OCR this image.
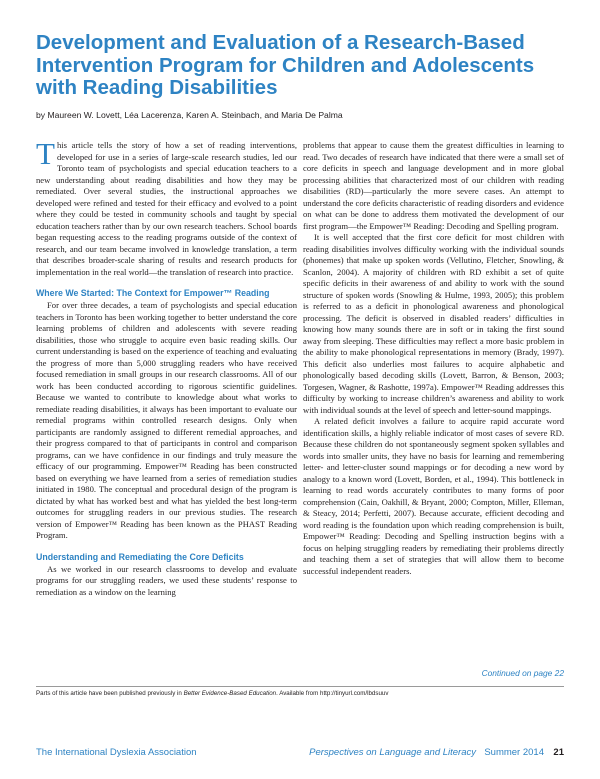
Development and Evaluation of a Research-Based Intervention Program for Children and Adolescents with Reading Disabilities
by Maureen W. Lovett, Léa Lacerenza, Karen A. Steinbach, and Maria De Palma

This article tells the story of how a set of reading interventions, developed for use in a series of large-scale research studies, led our Toronto team of psychologists and special education teachers to a new understanding about reading disabilities and how they may be remediated. Over several studies, the instructional approaches we developed were refined and tested for their efficacy and evolved to a point where they could be tested in community schools and taught by special education teachers rather than by our own research teachers. School boards began requesting access to the reading programs outside of the context of research, and our team became involved in knowledge translation, a term that describes broader-scale sharing of results and research products for implementation in the real world—the translation of research into practice.

Where We Started: The Context for Empower™ Reading

For over three decades, a team of psychologists and special education teachers in Toronto has been working together to better understand the core learning problems of children and adolescents with severe reading disabilities, those who struggle to acquire even basic reading skills. Our current understanding is based on the experience of teaching and evaluating the progress of more than 5,000 struggling readers who have received focused remediation in small groups in our research classrooms. All of our work has been conducted according to rigorous scientific guidelines. Because we wanted to contribute to knowledge about what works to remediate reading disabilities, it always has been important to evaluate our remedial programs within controlled research designs. Only when participants are randomly assigned to different remedial approaches, and their progress compared to that of participants in control and comparison programs, can we have confidence in our findings and truly measure the efficacy of our programming. Empower™ Reading has been constructed based on everything we have learned from a series of remediation studies initiated in 1980. The conceptual and procedural design of the program is dictated by what has worked best and what has yielded the best long-term outcomes for struggling readers in our previous studies. The research version of Empower™ Reading has been known as the PHAST Reading Program.

Understanding and Remediating the Core Deficits

As we worked in our research classrooms to develop and evaluate programs for our struggling readers, we used these students’ response to remediation as a window on the learning

problems that appear to cause them the greatest difficulties in learning to read. Two decades of research have indicated that there were a small set of core deficits in speech and language development and in more global processing abilities that characterized most of our children with reading disabilities (RD)—particularly the more severe cases. An attempt to understand the core deficits characteristic of reading disorders and evidence on what can be done to address them motivated the development of our first program—the Empower™ Reading: Decoding and Spelling program.

It is well accepted that the first core deficit for most children with reading disabilities involves difficulty working with the individual sounds (phonemes) that make up spoken words (Vellutino, Fletcher, Snowling, & Scanlon, 2004). A majority of children with RD exhibit a set of quite specific deficits in their awareness of and ability to work with the sound structure of spoken words (Snowling & Hulme, 1993, 2005); this problem is referred to as a deficit in phonological awareness and phonological processing. The deficit is observed in disabled readers’ difficulties in knowing how many sounds there are in soft or in taking the first sound away from sleeping. These difficulties may reflect a more basic problem in the ability to make phonological representations in memory (Brady, 1997). This deficit also underlies most failures to acquire alphabetic and phonologically based decoding skills (Lovett, Barron, & Benson, 2003; Torgesen, Wagner, & Rashotte, 1997a). Empower™ Reading addresses this difficulty by working to increase children’s awareness and ability to work with individual sounds at the level of speech and letter-sound mappings.

A related deficit involves a failure to acquire rapid accurate word identification skills, a highly reliable indicator of most cases of severe RD. Because these children do not spontaneously segment spoken syllables and words into smaller units, they have no basis for learning and remembering letter- and letter-cluster sound mappings or for decoding a new word by analogy to a known word (Lovett, Borden, et al., 1994). This bottleneck in learning to read words accurately contributes to many forms of poor comprehension (Cain, Oakhill, & Bryant, 2000; Compton, Miller, Elleman, & Steacy, 2014; Perfetti, 2007). Because accurate, efficient decoding and word reading is the foundation upon which reading comprehension is built, Empower™ Reading: Decoding and Spelling instruction begins with a focus on helping struggling readers by remediating their problems directly and teaching them a set of strategies that will allow them to become successful independent readers.

Continued on page 22
Parts of this article have been published previously in Better Evidence-Based Education. Available from http://tinyurl.com/lbdsuuv
The International Dyslexia Association	Perspectives on Language and Literacy Summer 2014 21
